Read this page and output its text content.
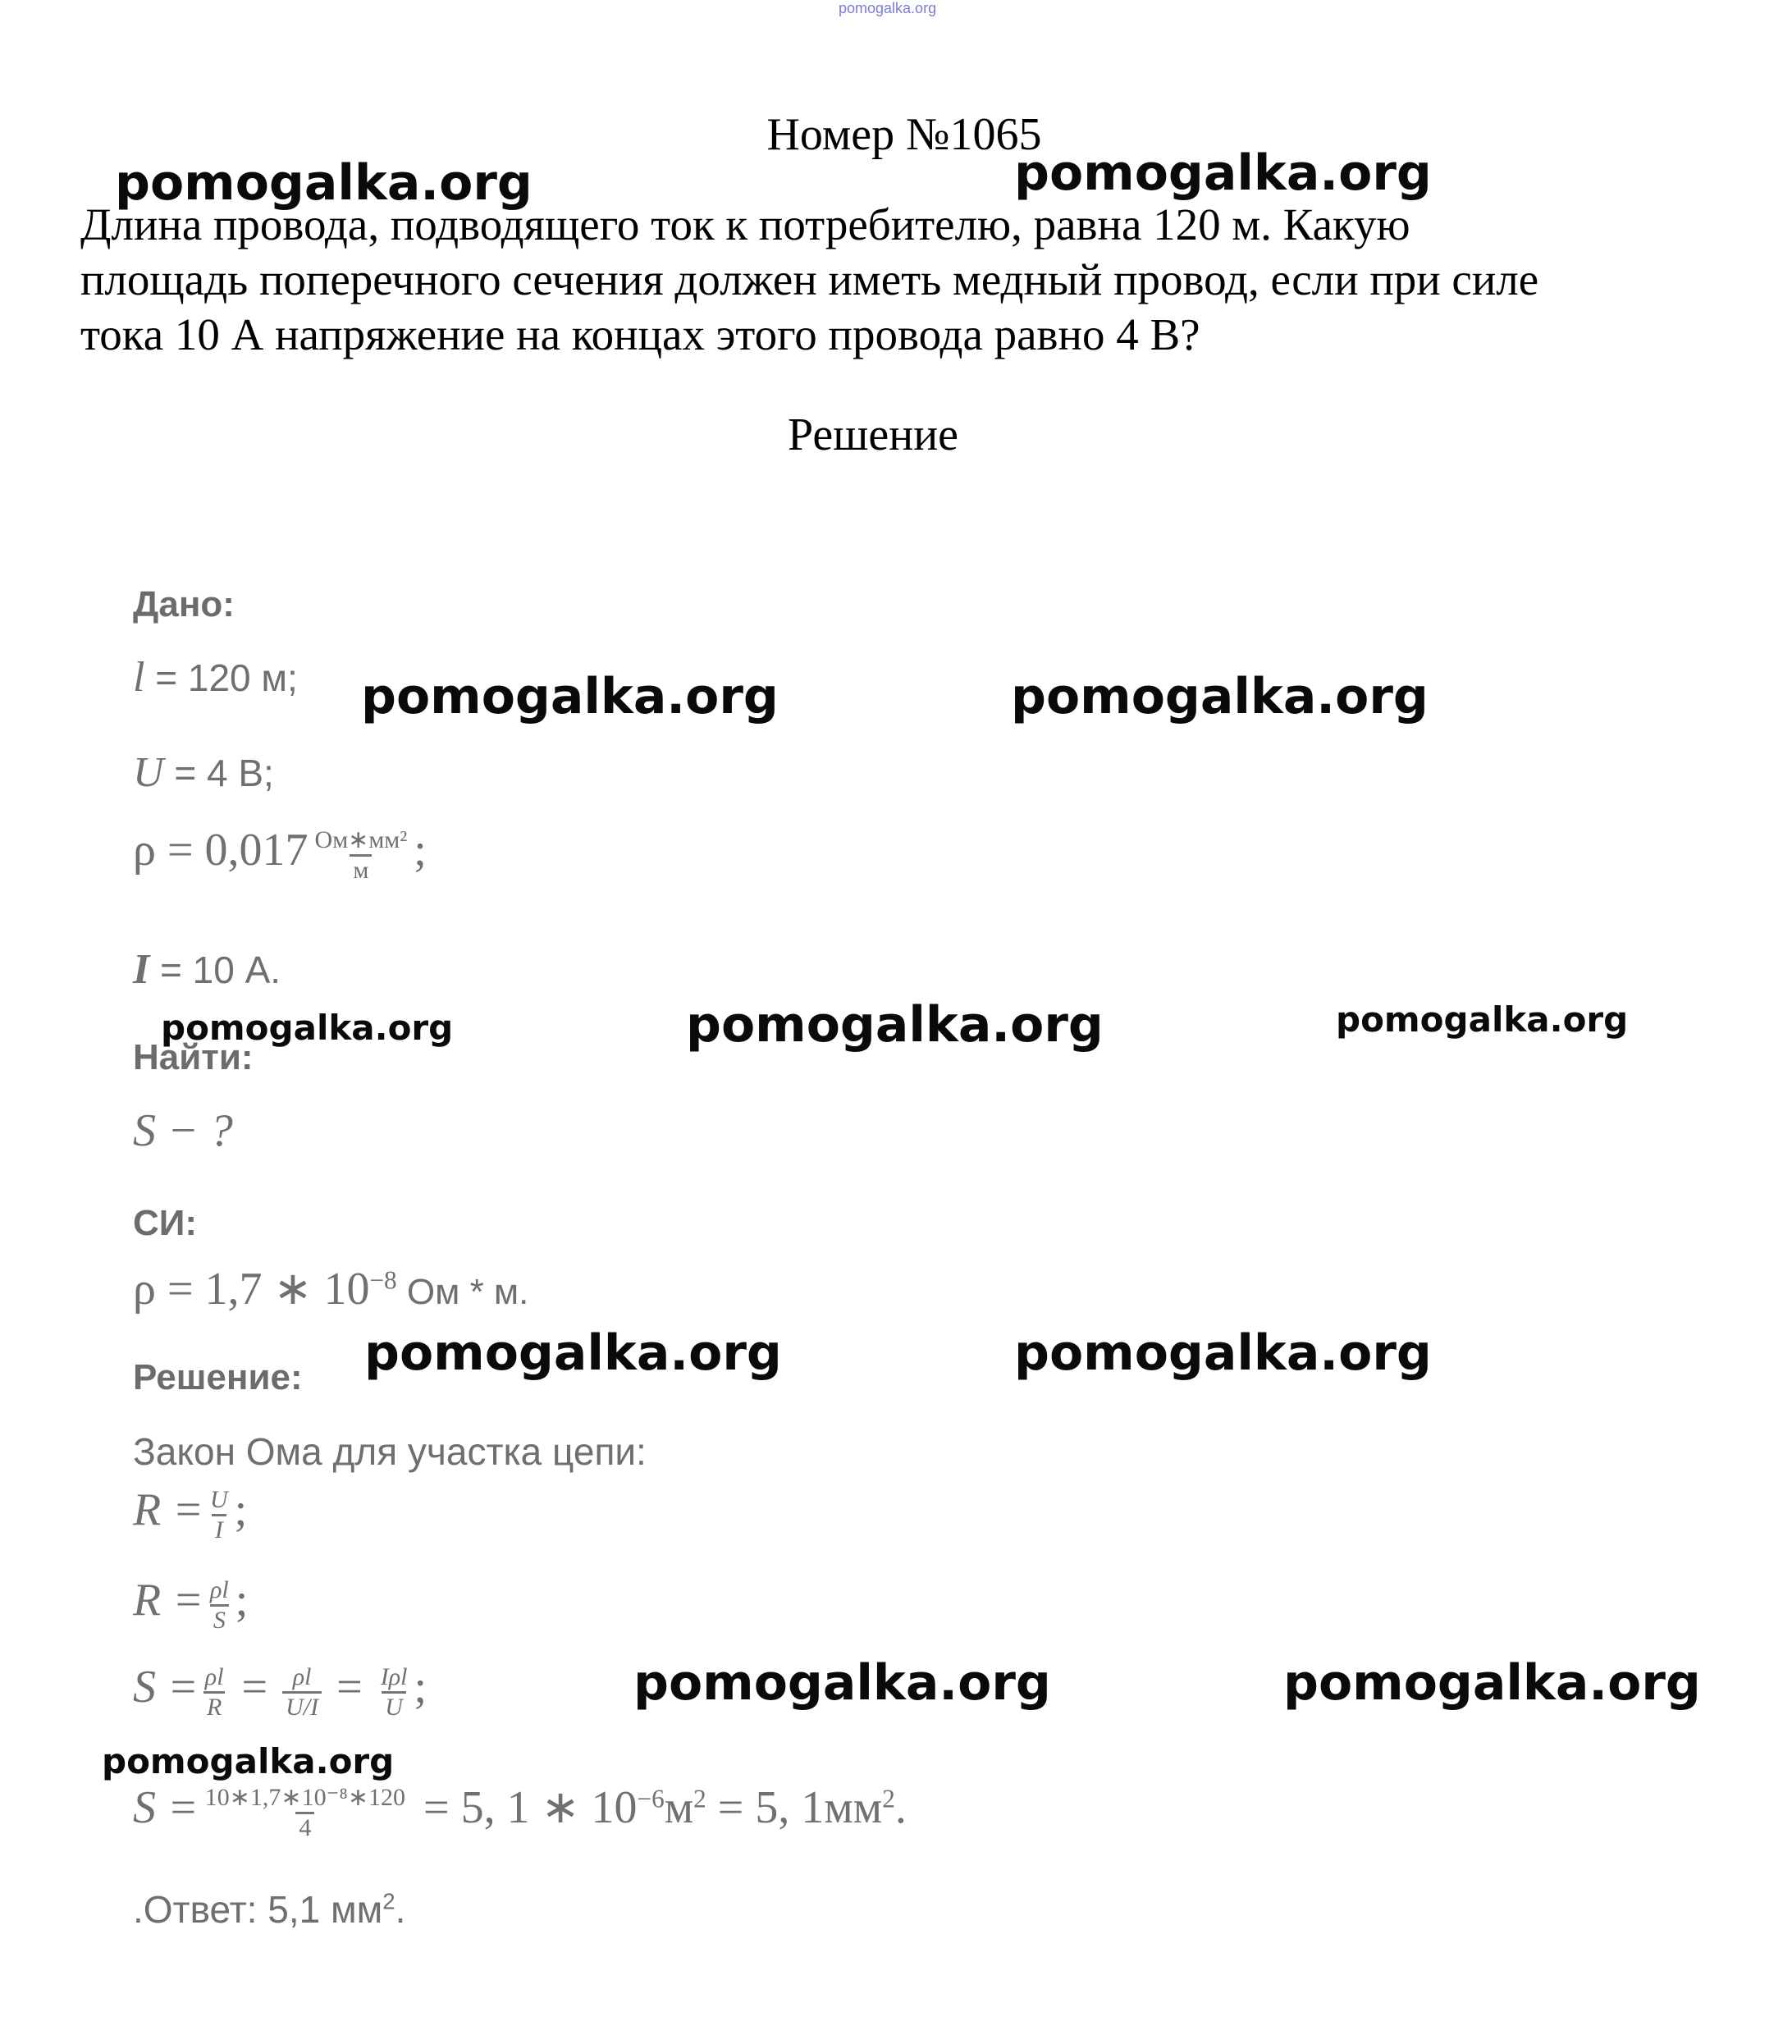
pomogalka.org
Номер №1065
Длина провода, подводящего ток к потребителю, равна 120 м. Какую
площадь поперечного сечения должен иметь медный провод, если при силе
тока 10 А напряжение на концах этого провода равно 4 В?
Решение
Дано:
l = 120 м;
U = 4 В;
$\rho = 0,017 \frac{\text{Ом∗мм²}}{м}$ ;
I = 10 А.
Найти:
S − ?
СИ:
ρ = 1,7 ∗ $10^{-8}$ Ом * м.
Решение:
Закон Ома для участка цепи:
$R = \frac{U}{I}$ ;
$R = \frac{\rho l}{S}$ ;
$S = \frac{\rho l}{R} = \frac{\rho l}{U/I} = \frac{\text{Iρl}}{U}$ ;
$S = \frac{\text{10∗1,7∗10⁻⁸∗120}}{4} = 5$, 1 ∗ $10^{-6}м^2 = 5$, $1мм^2$.
.Ответ: 5,1 $мм^2$.
pomogalka.org	pomogalka.org
pomogalka.org	pomogalka.org
pomogalka.org	pomogalka.org	pomogalka.org
pomogalka.org	pomogalka.org
pomogalka.org	pomogalka.org
pomogalka.org
